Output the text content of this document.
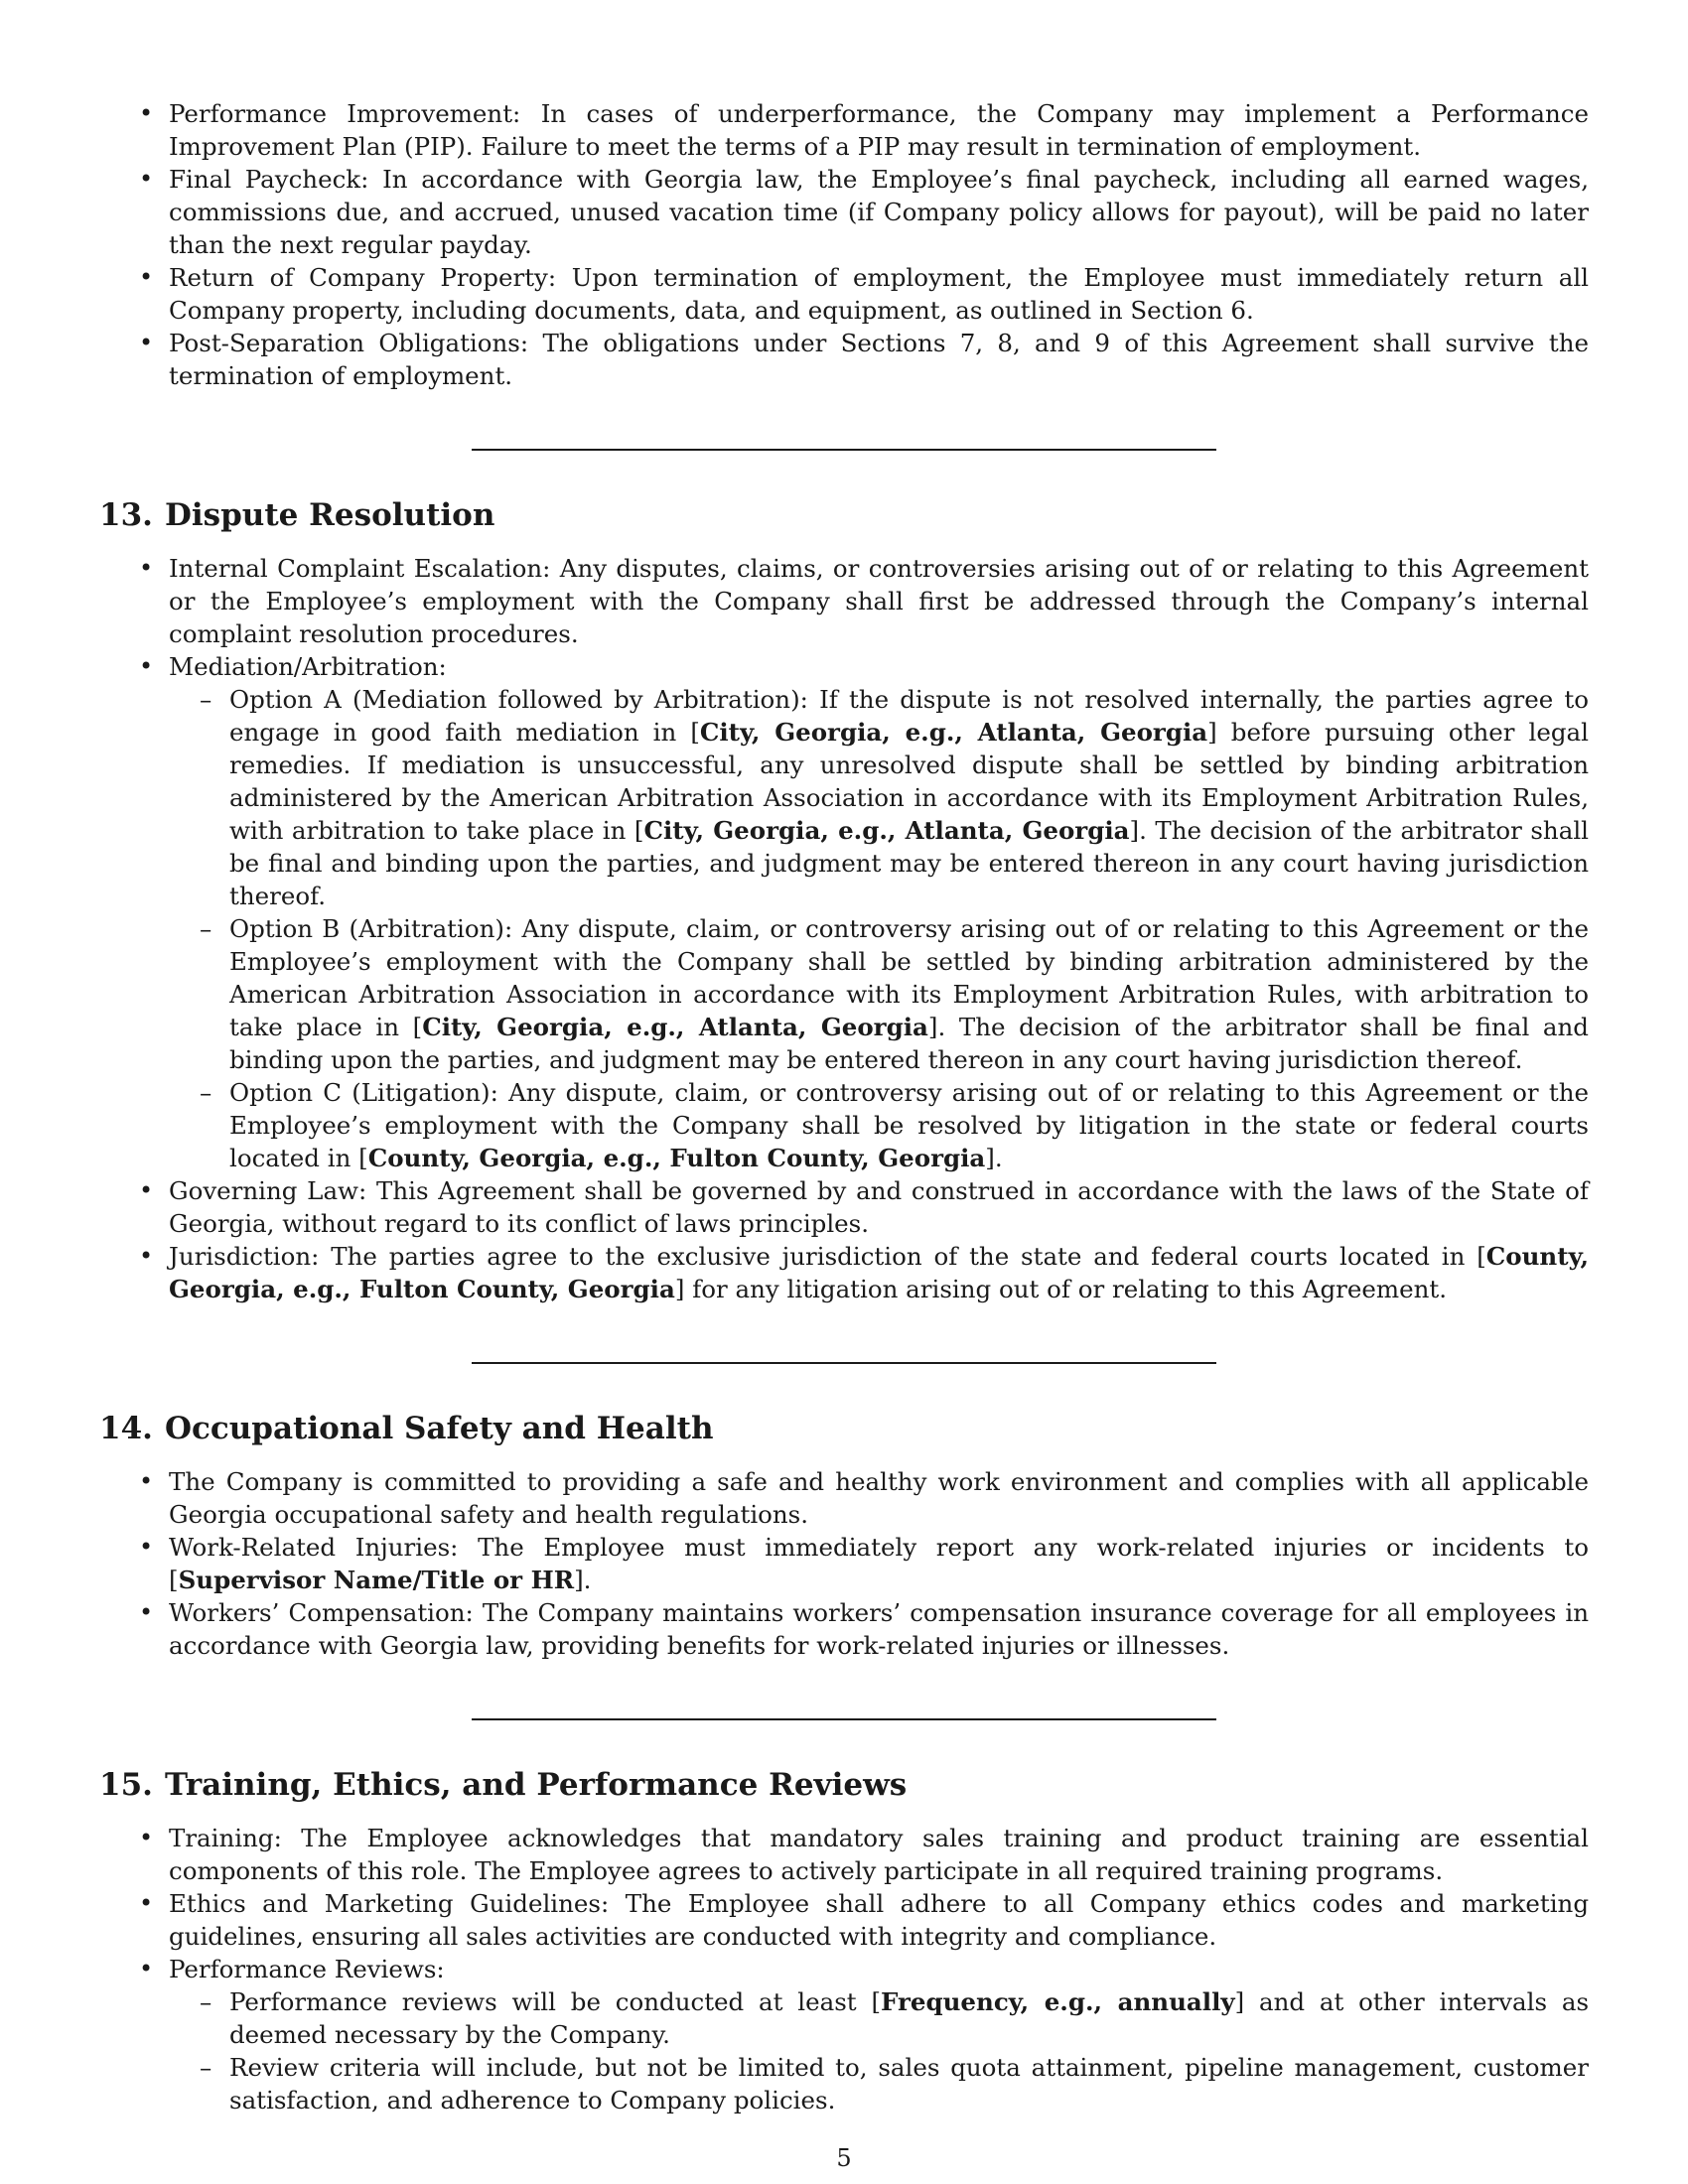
• Performance Improvement: In cases of underperformance, the Company may implement a Performance Improvement Plan (PIP). Failure to meet the terms of a PIP may result in termination of employment.
• Final Paycheck: In accordance with Georgia law, the Employee’s final paycheck, including all earned wages, commissions due, and accrued, unused vacation time (if Company policy allows for payout), will be paid no later than the next regular payday.
• Return of Company Property: Upon termination of employment, the Employee must immediately return all Company property, including documents, data, and equipment, as outlined in Section 6.
• Post-Separation Obligations: The obligations under Sections 7, 8, and 9 of this Agreement shall survive the termination of employment.
13. Dispute Resolution
• Internal Complaint Escalation: Any disputes, claims, or controversies arising out of or relating to this Agreement or the Employee’s employment with the Company shall first be addressed through the Company’s internal complaint resolution procedures.
• Mediation/Arbitration:
– Option A (Mediation followed by Arbitration): If the dispute is not resolved internally, the parties agree to engage in good faith mediation in [City, Georgia, e.g., Atlanta, Georgia] before pursuing other legal remedies. If mediation is unsuccessful, any unresolved dispute shall be settled by binding arbitration administered by the American Arbitration Association in accordance with its Employment Arbitration Rules, with arbitration to take place in [City, Georgia, e.g., Atlanta, Georgia]. The decision of the arbitrator shall be final and binding upon the parties, and judgment may be entered thereon in any court having jurisdiction thereof.
– Option B (Arbitration): Any dispute, claim, or controversy arising out of or relating to this Agreement or the Employee’s employment with the Company shall be settled by binding arbitration administered by the American Arbitration Association in accordance with its Employment Arbitration Rules, with arbitration to take place in [City, Georgia, e.g., Atlanta, Georgia]. The decision of the arbitrator shall be final and binding upon the parties, and judgment may be entered thereon in any court having jurisdiction thereof.
– Option C (Litigation): Any dispute, claim, or controversy arising out of or relating to this Agreement or the Employee’s employment with the Company shall be resolved by litigation in the state or federal courts located in [County, Georgia, e.g., Fulton County, Georgia].
• Governing Law: This Agreement shall be governed by and construed in accordance with the laws of the State of Georgia, without regard to its conflict of laws principles.
• Jurisdiction: The parties agree to the exclusive jurisdiction of the state and federal courts located in [County, Georgia, e.g., Fulton County, Georgia] for any litigation arising out of or relating to this Agreement.
14. Occupational Safety and Health
• The Company is committed to providing a safe and healthy work environment and complies with all applicable Georgia occupational safety and health regulations.
• Work-Related Injuries: The Employee must immediately report any work-related injuries or incidents to [Supervisor Name/Title or HR].
• Workers’ Compensation: The Company maintains workers’ compensation insurance coverage for all employees in accordance with Georgia law, providing benefits for work-related injuries or illnesses.
15. Training, Ethics, and Performance Reviews
• Training: The Employee acknowledges that mandatory sales training and product training are essential components of this role. The Employee agrees to actively participate in all required training programs.
• Ethics and Marketing Guidelines: The Employee shall adhere to all Company ethics codes and marketing guidelines, ensuring all sales activities are conducted with integrity and compliance.
• Performance Reviews:
– Performance reviews will be conducted at least [Frequency, e.g., annually] and at other intervals as deemed necessary by the Company.
– Review criteria will include, but not be limited to, sales quota attainment, pipeline management, customer satisfaction, and adherence to Company policies.
5
